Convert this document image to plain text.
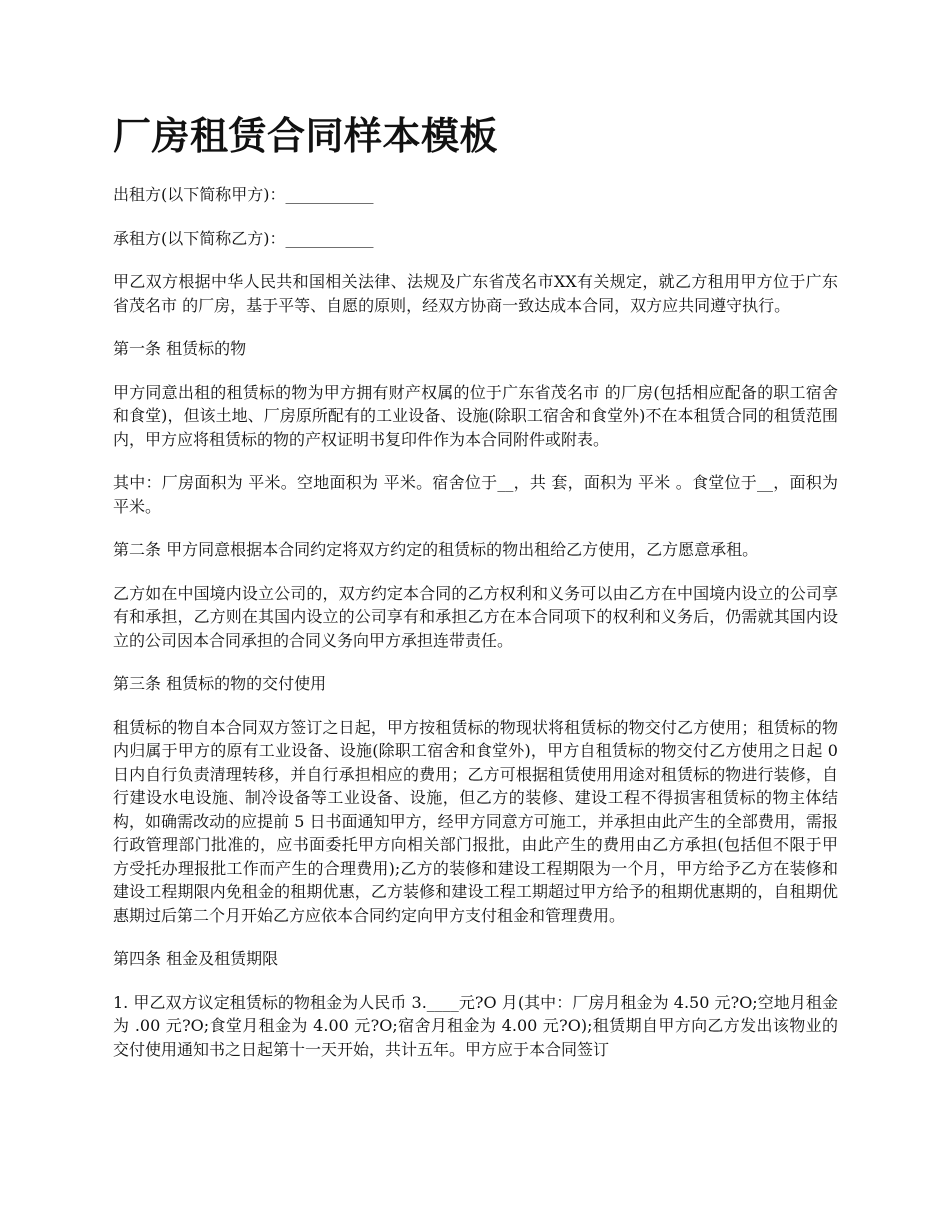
厂房租赁合同样本模板

出租方(以下简称甲方)：___________

承租方(以下简称乙方)：___________

甲乙双方根据中华人民共和国相关法律、法规及广东省茂名市XX有关规定，就乙方租用甲方位于广东省茂名市 的厂房，基于平等、自愿的原则，经双方协商一致达成本合同，双方应共同遵守执行。

第一条 租赁标的物

甲方同意出租的租赁标的物为甲方拥有财产权属的位于广东省茂名市 的厂房(包括相应配备的职工宿舍和食堂)，但该土地、厂房原所配有的工业设备、设施(除职工宿舍和食堂外)不在本租赁合同的租赁范围内，甲方应将租赁标的物的产权证明书复印件作为本合同附件或附表。

其中：厂房面积为 平米。空地面积为 平米。宿舍位于__，共 套，面积为 平米 。食堂位于__，面积为 平米。

第二条 甲方同意根据本合同约定将双方约定的租赁标的物出租给乙方使用，乙方愿意承租。

乙方如在中国境内设立公司的，双方约定本合同的乙方权利和义务可以由乙方在中国境内设立的公司享有和承担，乙方则在其国内设立的公司享有和承担乙方在本合同项下的权利和义务后，仍需就其国内设立的公司因本合同承担的合同义务向甲方承担连带责任。

第三条 租赁标的物的交付使用

租赁标的物自本合同双方签订之日起，甲方按租赁标的物现状将租赁标的物交付乙方使用；租赁标的物内归属于甲方的原有工业设备、设施(除职工宿舍和食堂外)，甲方自租赁标的物交付乙方使用之日起 0 日内自行负责清理转移，并自行承担相应的费用；乙方可根据租赁使用用途对租赁标的物进行装修，自行建设水电设施、制冷设备等工业设备、设施，但乙方的装修、建设工程不得损害租赁标的物主体结构，如确需改动的应提前 5 日书面通知甲方，经甲方同意方可施工，并承担由此产生的全部费用，需报行政管理部门批准的，应书面委托甲方向相关部门报批，由此产生的费用由乙方承担(包括但不限于甲方受托办理报批工作而产生的合理费用);乙方的装修和建设工程期限为一个月，甲方给予乙方在装修和建设工程期限内免租金的租期优惠，乙方装修和建设工程工期超过甲方给予的租期优惠期的，自租期优惠期过后第二个月开始乙方应依本合同约定向甲方支付租金和管理费用。

第四条 租金及租赁期限

1. 甲乙双方议定租赁标的物租金为人民币 3.____元?O 月(其中：厂房月租金为 4.50 元?O;空地月租金为 .00 元?O;食堂月租金为 4.00 元?O;宿舍月租金为 4.00 元?O);租赁期自甲方向乙方发出该物业的交付使用通知书之日起第十一天开始，共计五年。甲方应于本合同签订
